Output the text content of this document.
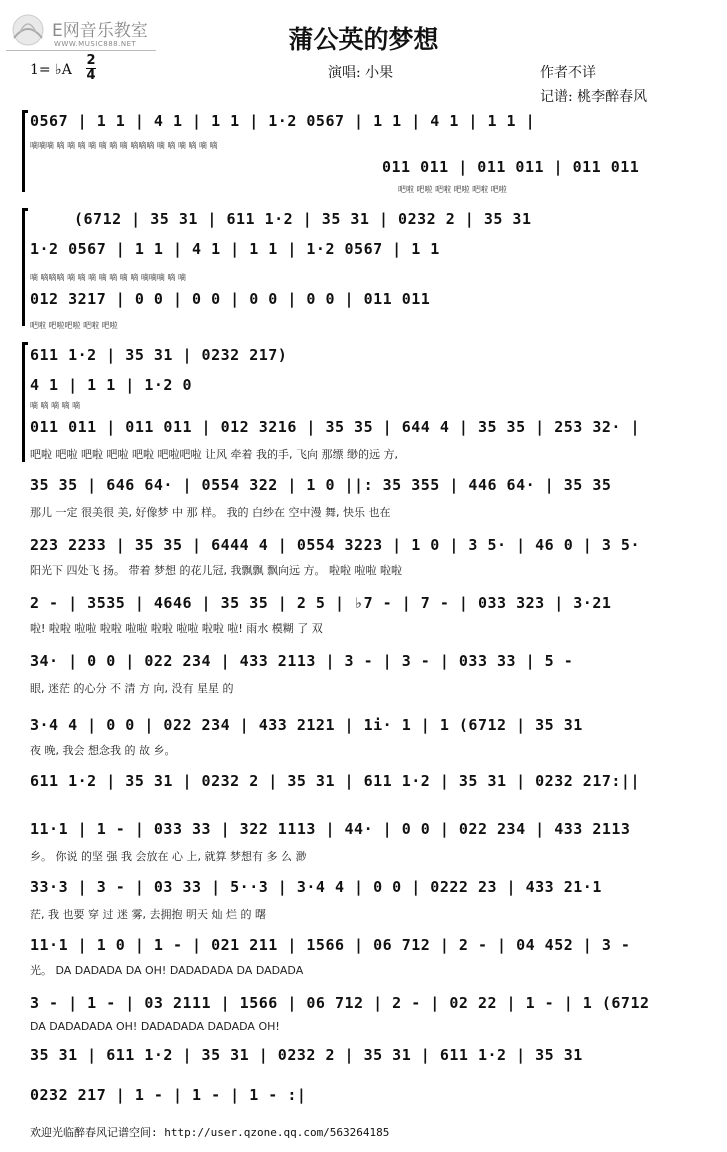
E网音乐教室
WWW.MUSIC888.NET	蒲公英的梦想
1= ♭A
2
4	演唱: 小果	作者不详
记谱: 桃李醉春风
0567 | 1 1 | 4 1 | 1 1 | 1·2 0567 | 1 1 | 4 1 | 1 1 |
嘀嘀嘀 嘀 嘀 嘀 嘀 嘀 嘀 嘀 嘀嘀嘀 嘀 嘀 嘀 嘀 嘀 嘀
011 011 | 011 011 | 011 011
吧啦 吧啦 吧啦 吧啦 吧啦 吧啦
(6712 | 35 31 | 611 1·2 | 35 31 | 0232 2 | 35 31
1·2 0567 | 1 1 | 4 1 | 1 1 | 1·2 0567 | 1 1
嘀 嘀嘀嘀 嘀 嘀 嘀 嘀 嘀 嘀 嘀 嘀嘀嘀 嘀 嘀
012 3217 | 0 0 | 0 0 | 0 0 | 0 0 | 011 011
吧啦 吧啦吧啦 吧啦 吧啦
611 1·2 | 35 31 | 0232 217)
4 1 | 1 1 | 1·2 0
嘀 嘀 嘀 嘀 嘀
011 011 | 011 011 | 012 3216 | 35 35 | 644 4 | 35 35 | 253 32· |
吧啦 吧啦 吧啦 吧啦 吧啦 吧啦吧啦 让风 牵着 我的手, 飞向 那缥 缈的远 方,
35 35 | 646 64· | 0554 322 | 1 0 ||: 35 355 | 446 64· | 35 35
那儿 一定 很美很 美, 好像梦 中 那 样。 我的 白纱在 空中漫 舞, 快乐 也在
223 2233 | 35 35 | 6444 4 | 0554 3223 | 1 0 | 3 5· | 46 0 | 3 5·
阳光下 四处飞 扬。 带着 梦想 的花儿冠, 我飘飘 飘向远 方。 啦啦 啦啦 啦啦
2 - | 3535 | 4646 | 35 35 | 2 5 | ♭7 - | 7 - | 033 323 | 3·21
啦! 啦啦 啦啦 啦啦 啦啦 啦啦 啦啦 啦啦 啦! 雨水 模糊 了 双
34· | 0 0 | 022 234 | 433 2113 | 3 - | 3 - | 033 33 | 5 -
眼, 迷茫 的心分 不 清 方 向, 没有 星星 的
3·4 4 | 0 0 | 022 234 | 433 2121 | 1i· 1 | 1 (6712 | 35 31
夜 晚, 我会 想念我 的 故 乡。
611 1·2 | 35 31 | 0232 2 | 35 31 | 611 1·2 | 35 31 | 0232 217:||
11·1 | 1 - | 033 33 | 322 1113 | 44· | 0 0 | 022 234 | 433 2113
乡。 你说 的坚 强 我 会放在 心 上, 就算 梦想有 多 么 渺
33·3 | 3 - | 03 33 | 5··3 | 3·4 4 | 0 0 | 0222 23 | 433 21·1
茫, 我 也要 穿 过 迷 雾, 去拥抱 明天 灿 烂 的 曙
11·1 | 1 0 | 1 - | 021 211 | 1566 | 06 712 | 2 - | 04 452 | 3 -
光。 DA DADADA DA OH! DADADADA DA DADADA
3 - | 1 - | 03 2111 | 1566 | 06 712 | 2 - | 02 22 | 1 - | 1 (6712
DA DADADADA OH! DADADADA DADADA OH!
35 31 | 611 1·2 | 35 31 | 0232 2 | 35 31 | 611 1·2 | 35 31
0232 217 | 1 - | 1 - | 1 - :|
欢迎光临醉春风记谱空间: http://user.qzone.qq.com/563264185
